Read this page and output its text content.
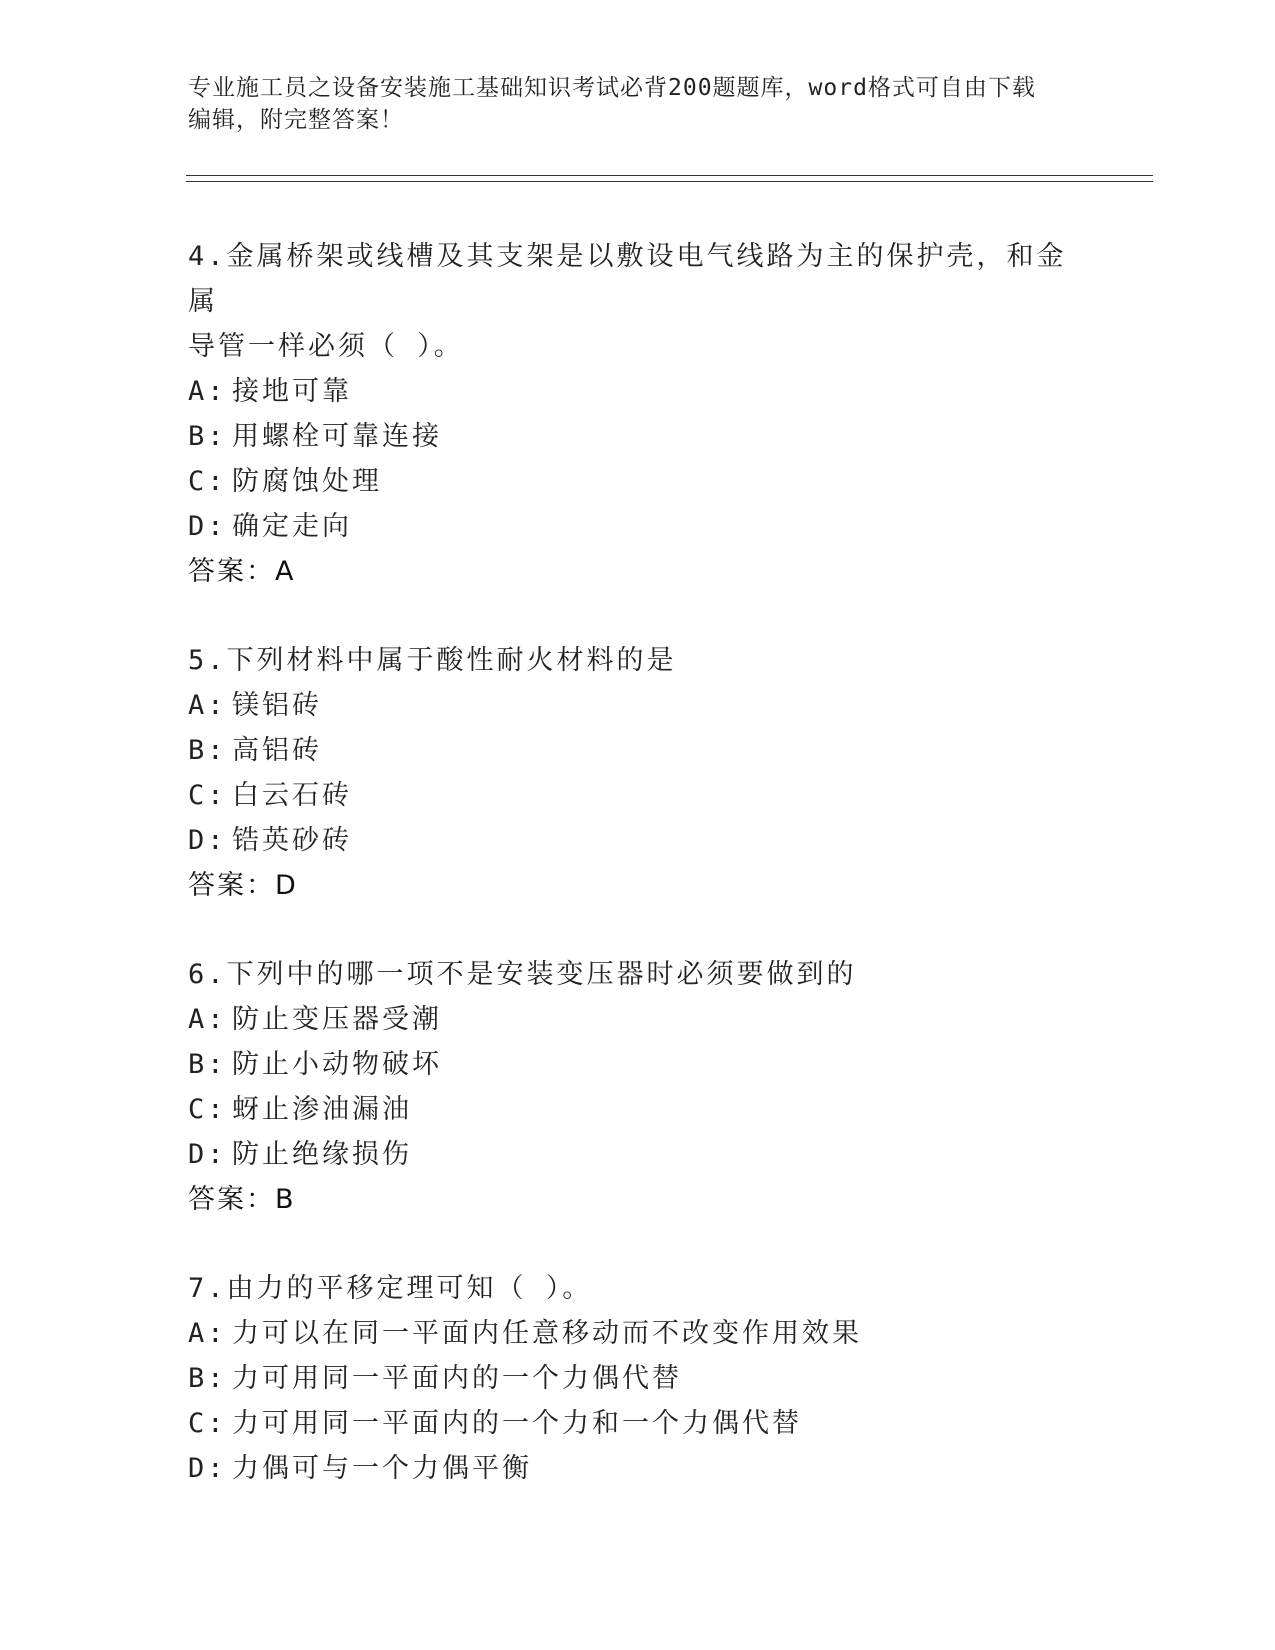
专业施工员之设备安装施工基础知识考试必背200题题库，word格式可自由下载
编辑，附完整答案！

4.金属桥架或线槽及其支架是以敷设电气线路为主的保护壳，和金属

导管一样必须（ ）。

A: 接地可靠

B: 用螺栓可靠连接

C: 防腐蚀处理

D: 确定走向

答案：A

5.下列材料中属于酸性耐火材料的是

A: 镁铝砖

B: 高铝砖

C: 白云石砖

D: 锆英砂砖

答案：D

6.下列中的哪一项不是安装变压器时必须要做到的

A: 防止变压器受潮

B: 防止小动物破坏

C: 蚜止渗油漏油

D: 防止绝缘损伤

答案：B

7.由力的平移定理可知（ ）。

A: 力可以在同一平面内任意移动而不改变作用效果

B: 力可用同一平面内的一个力偶代替

C: 力可用同一平面内的一个力和一个力偶代替

D: 力偶可与一个力偶平衡
